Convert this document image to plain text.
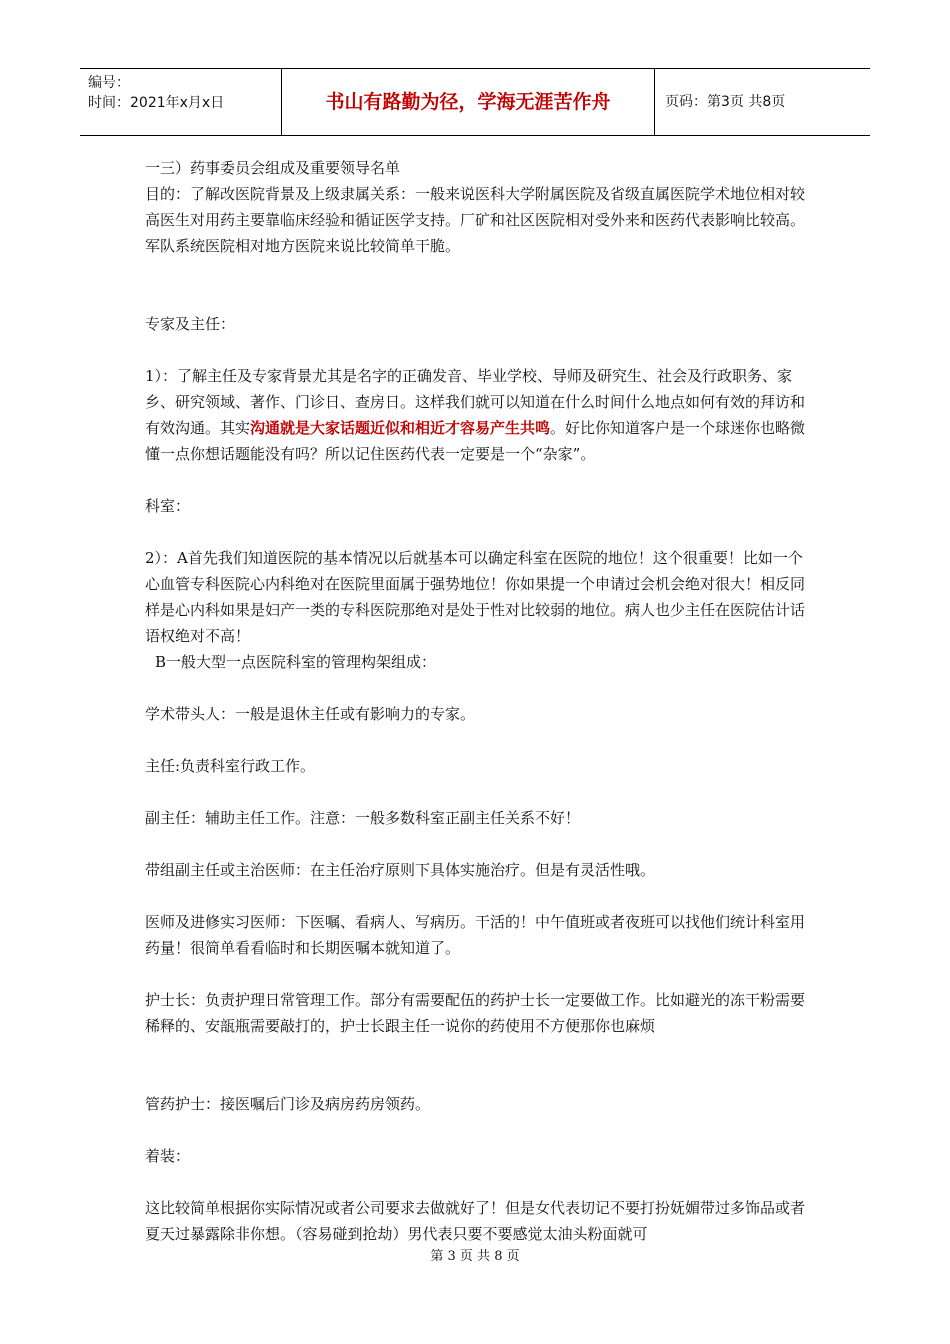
编号：
时间：2021年x月x日	书山有路勤为径，学海无涯苦作舟	页码：第3页 共8页

一三）药事委员会组成及重要领导名单

目的：了解改医院背景及上级隶属关系：一般来说医科大学附属医院及省级直属医院学术地位相对较高医生对用药主要靠临床经验和循证医学支持。厂矿和社区医院相对受外来和医药代表影响比较高。军队系统医院相对地方医院来说比较简单干脆。

专家及主任：

1）：了解主任及专家背景尤其是名字的正确发音、毕业学校、导师及研究生、社会及行政职务、家乡、研究领域、著作、门诊日、查房日。这样我们就可以知道在什么时间什么地点如何有效的拜访和有效沟通。其实沟通就是大家话题近似和相近才容易产生共鸣。好比你知道客户是一个球迷你也略微懂一点你想话题能没有吗？所以记住医药代表一定要是一个“杂家”。

科室：

2）：A首先我们知道医院的基本情况以后就基本可以确定科室在医院的地位！这个很重要！比如一个心血管专科医院心内科绝对在医院里面属于强势地位！你如果提一个申请过会机会绝对很大！相反同样是心内科如果是妇产一类的专科医院那绝对是处于性对比较弱的地位。病人也少主任在医院估计话语权绝对不高！

B一般大型一点医院科室的管理构架组成：

学术带头人：一般是退休主任或有影响力的专家。

主任:负责科室行政工作。

副主任：辅助主任工作。注意：一般多数科室正副主任关系不好！

带组副主任或主治医师：在主任治疗原则下具体实施治疗。但是有灵活性哦。

医师及进修实习医师：下医嘱、看病人、写病历。干活的！中午值班或者夜班可以找他们统计科室用药量！很简单看看临时和长期医嘱本就知道了。

护士长：负责护理日常管理工作。部分有需要配伍的药护士长一定要做工作。比如避光的冻干粉需要稀释的、安瓿瓶需要敲打的，护士长跟主任一说你的药使用不方便那你也麻烦

管药护士：接医嘱后门诊及病房药房领药。

着装：

这比较简单根据你实际情况或者公司要求去做就好了！但是女代表切记不要打扮妩媚带过多饰品或者夏天过暴露除非你想。（容易碰到抢劫）男代表只要不要感觉太油头粉面就可

第 3 页 共 8 页
